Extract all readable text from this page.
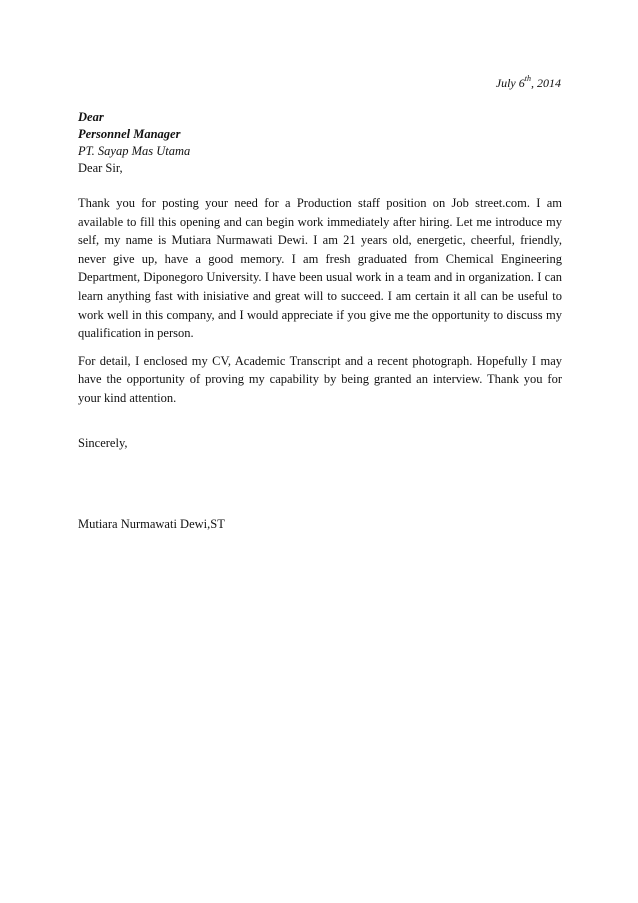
July 6th, 2014
Dear
Personnel Manager
PT. Sayap Mas Utama
Dear Sir,

Thank you for posting your need for a Production staff position on Job street.com. I am available to fill this opening and can begin work immediately after hiring. Let me introduce my self, my name is Mutiara Nurmawati Dewi. I am 21 years old, energetic, cheerful, friendly, never give up, have a good memory. I am fresh graduated from Chemical Engineering Department, Diponegoro University. I have been usual work in a team and in organization. I can learn anything fast with inisiative and great will to succeed. I am certain it all can be useful to work well in this company, and I would appreciate if you give me the opportunity to discuss my qualification in person.

For detail, I enclosed my CV, Academic Transcript and a recent photograph. Hopefully I may have the opportunity of proving my capability by being granted an interview. Thank you for your kind attention.

Sincerely,
Mutiara Nurmawati Dewi,ST
